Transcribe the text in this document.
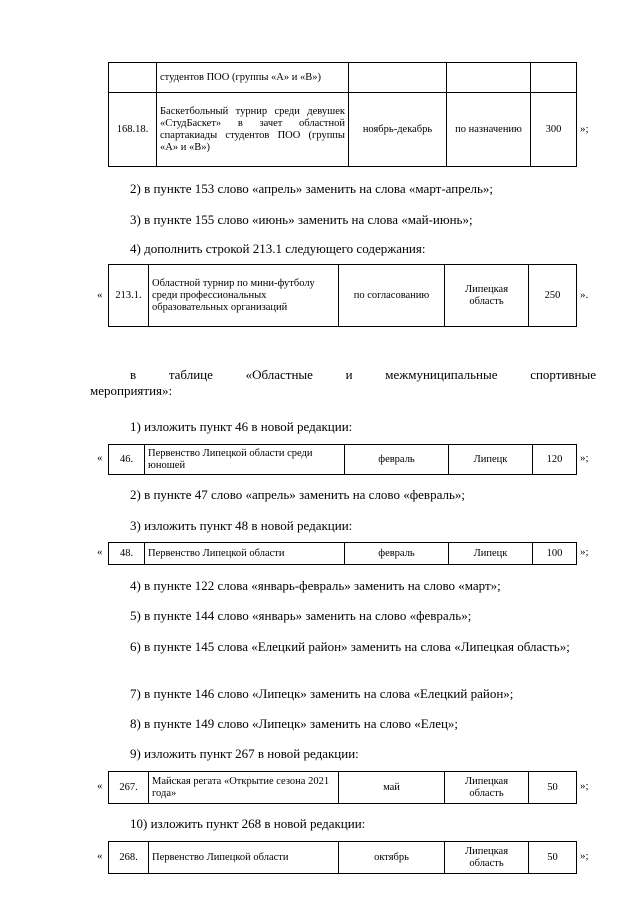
	студентов ПОО (группы «А» и «В»)			
168.18.	Баскетбольный турнир среди девушек «СтудБаскет» в зачет областной спартакиады студентов ПОО (группы «А» и «В»)	ноябрь-декабрь	по назначению	300 »;
2) в пункте 153 слово «апрель» заменить на слова «март-апрель»;
3) в пункте 155 слово «июнь» заменить на слова «май-июнь»;
4) дополнить строкой 213.1 следующего содержания:
« 213.1.	Областной турнир по мини-футболу среди профессиональных образовательных организаций	по согласованию	Липецкая область	250 ».
в таблице «Областные и межмуниципальные спортивные мероприятия»:
1) изложить пункт 46 в новой редакции:
« 46.	Первенство Липецкой области среди юношей	февраль	Липецк	120 »;
2) в пункте 47 слово «апрель» заменить на слово «февраль»;
3) изложить пункт 48 в новой редакции:
« 48.	Первенство Липецкой области	февраль	Липецк	100 »;
4) в пункте 122 слова «январь-февраль» заменить на слово «март»;
5) в пункте 144 слово «январь» заменить на слово «февраль»;
6) в пункте 145 слова «Елецкий район» заменить на слова «Липецкая область»;
7) в пункте 146 слово «Липецк» заменить на слова «Елецкий район»;
8) в пункте 149 слово «Липецк» заменить на слово «Елец»;
9) изложить пункт 267 в новой редакции:
« 267.	Майская регата «Открытие сезона 2021 года»	май	Липецкая область	50 »;
10) изложить пункт 268 в новой редакции:
« 268.	Первенство Липецкой области	октябрь	Липецкая область	50 »;
